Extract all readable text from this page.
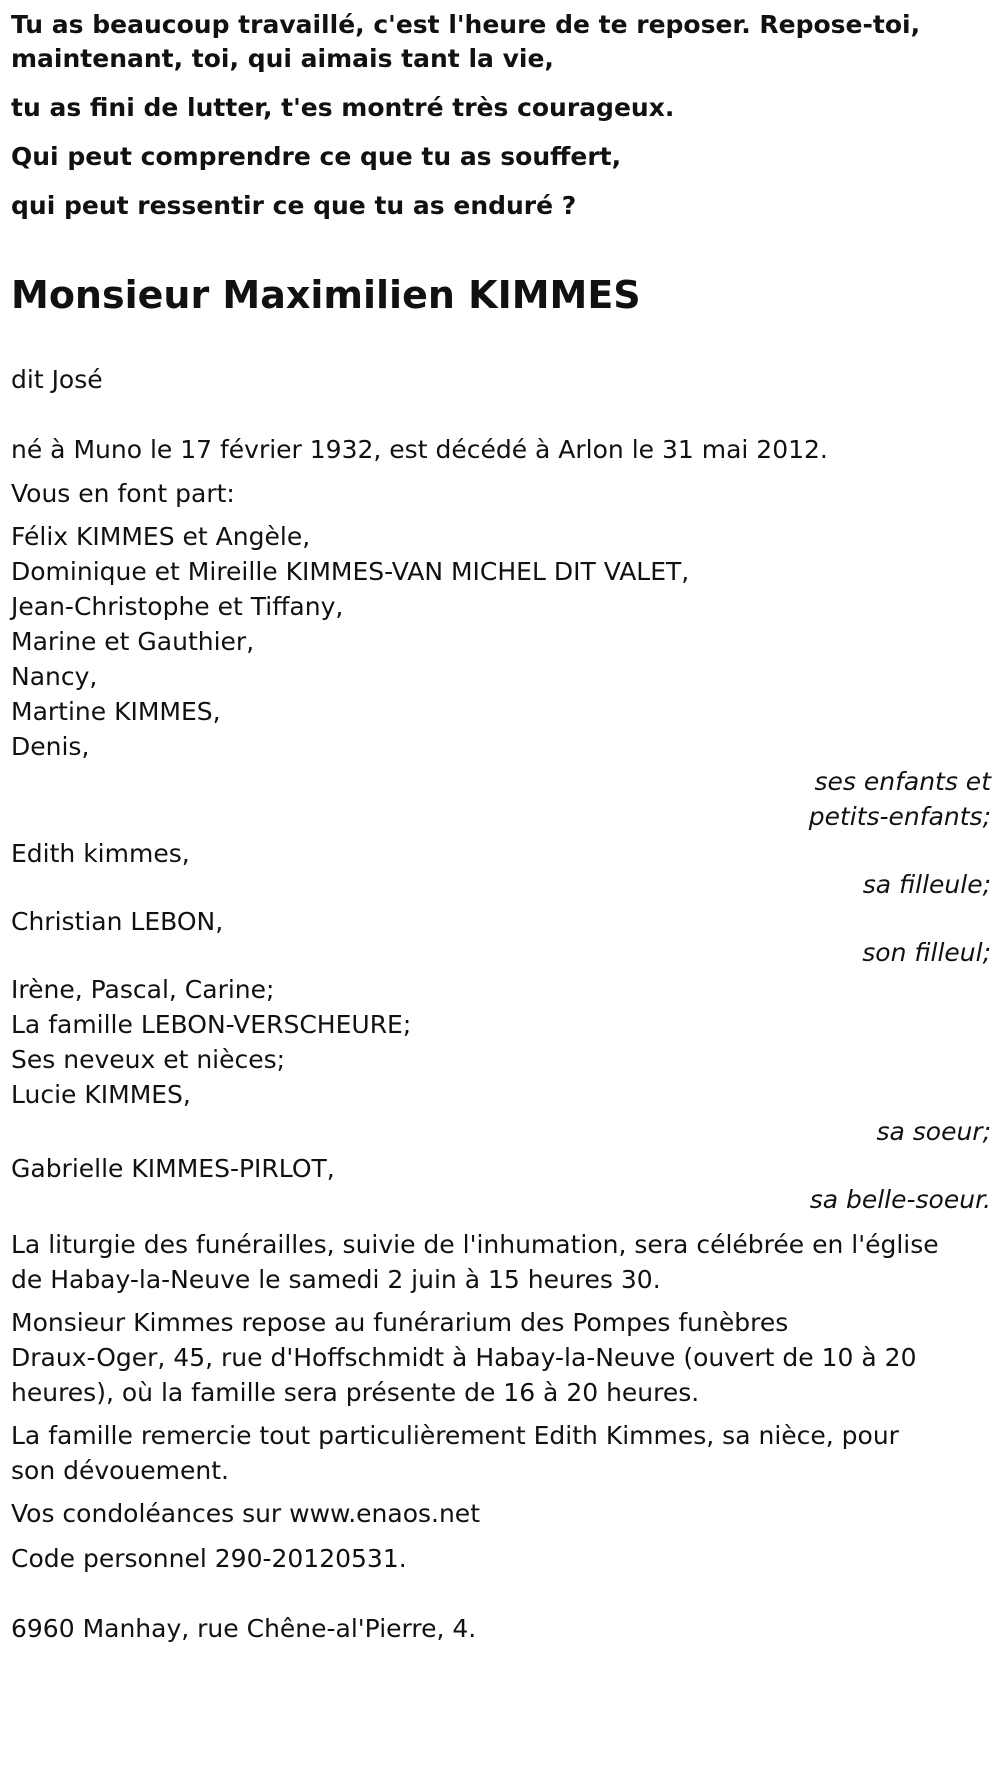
Tu as beaucoup travaillé, c'est l'heure de te reposer. Repose-toi,

maintenant, toi, qui aimais tant la vie,

tu as fini de lutter, t'es montré très courageux.

Qui peut comprendre ce que tu as souffert,

qui peut ressentir ce que tu as enduré ?

Monsieur Maximilien KIMMES

dit José

né à Muno le 17 février 1932, est décédé à Arlon le 31 mai 2012.

Vous en font part:

Félix KIMMES et Angèle,

Dominique et Mireille KIMMES-VAN MICHEL DIT VALET,

Jean-Christophe et Tiffany,

Marine et Gauthier,

Nancy,

Martine KIMMES,

Denis,

ses enfants et

petits-enfants;

Edith kimmes,

sa filleule;

Christian LEBON,

son filleul;

Irène, Pascal, Carine;

La famille LEBON-VERSCHEURE;

Ses neveux et nièces;

Lucie KIMMES,

sa soeur;

Gabrielle KIMMES-PIRLOT,

sa belle-soeur.

La liturgie des funérailles, suivie de l'inhumation, sera célébrée en l'église

de Habay-la-Neuve le samedi 2 juin à 15 heures 30.

Monsieur Kimmes repose au funérarium des Pompes funèbres

Draux-Oger, 45, rue d'Hoffschmidt à Habay-la-Neuve (ouvert de 10 à 20

heures), où la famille sera présente de 16 à 20 heures.

La famille remercie tout particulièrement Edith Kimmes, sa nièce, pour

son dévouement.

Vos condoléances sur www.enaos.net

Code personnel 290-20120531.

6960 Manhay, rue Chêne-al'Pierre, 4.
